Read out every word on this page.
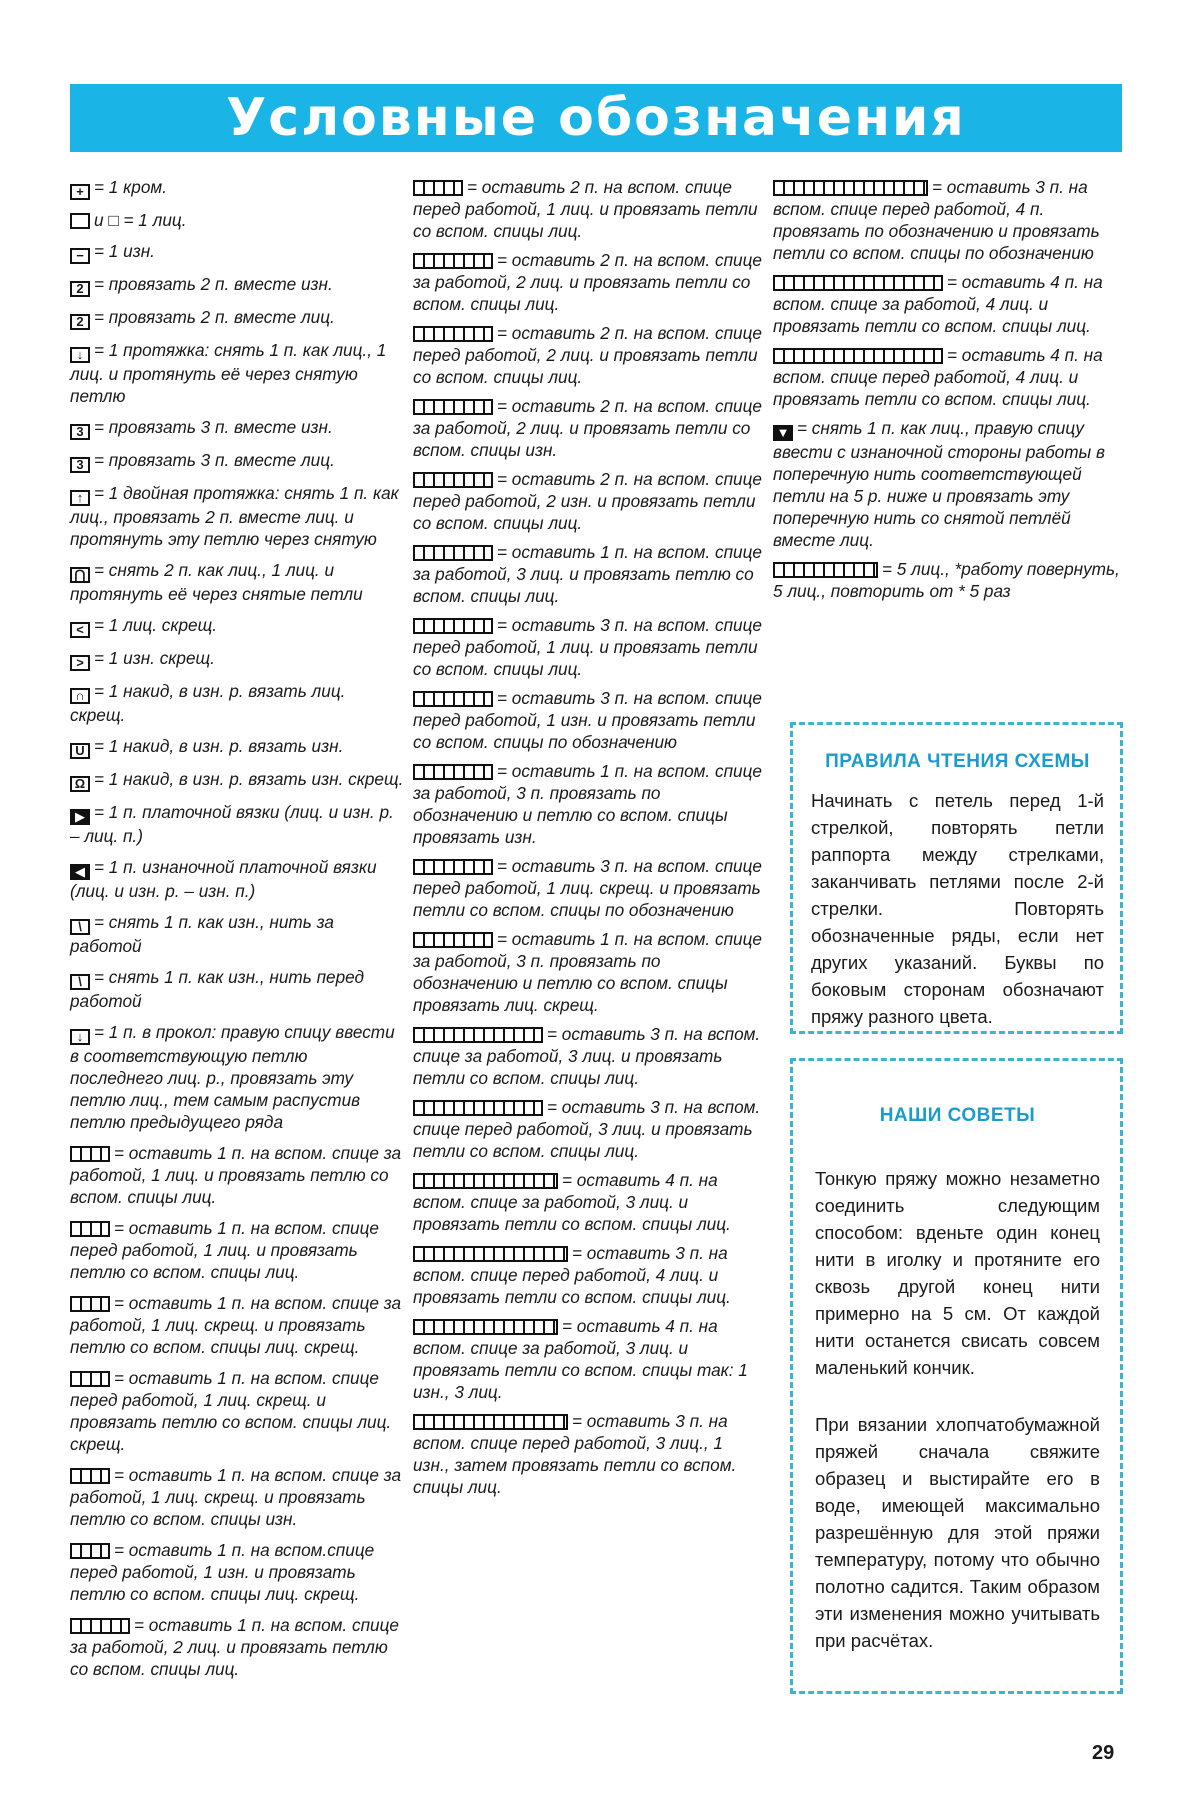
Условные обозначения
+ = 1 кром.
и □ = 1 лиц.
− = 1 изн.
2 = провязать 2 п. вместе изн.
2 = провязать 2 п. вместе лиц.
↓ = 1 протяжка: снять 1 п. как лиц., 1 лиц. и протянуть её через снятую петлю
3 = провязать 3 п. вместе изн.
3 = провязать 3 п. вместе лиц.
↑ = 1 двойная протяжка: снять 1 п. как лиц., провязать 2 п. вместе лиц. и протянуть эту петлю через снятую
⋂ = снять 2 п. как лиц., 1 лиц. и протянуть её через снятые петли
< = 1 лиц. скрещ.
> = 1 изн. скрещ.
∩ = 1 накид, в изн. р. вязать лиц. скрещ.
U = 1 накид, в изн. р. вязать изн.
Ω = 1 накид, в изн. р. вязать изн. скрещ.
▶ = 1 п. платочной вязки (лиц. и изн. р. – лиц. п.)
◀ = 1 п. изнаночной платочной вязки (лиц. и изн. р. – изн. п.)
\ = снять 1 п. как изн., нить за работой
\ = снять 1 п. как изн., нить перед работой
↓ = 1 п. в прокол: правую спицу ввести в соответствующую петлю последнего лиц. р., провязать эту петлю лиц., тем самым распустив петлю предыдущего ряда
= оставить 1 п. на вспом. спице за работой, 1 лиц. и провязать петлю со вспом. спицы лиц.
= оставить 1 п. на вспом. спице перед работой, 1 лиц. и провязать петлю со вспом. спицы лиц.
= оставить 1 п. на вспом. спице за работой, 1 лиц. скрещ. и провязать петлю со вспом. спицы лиц. скрещ.
= оставить 1 п. на вспом. спице перед работой, 1 лиц. скрещ. и провязать петлю со вспом. спицы лиц. скрещ.
= оставить 1 п. на вспом. спице за работой, 1 лиц. скрещ. и провязать петлю со вспом. спицы изн.
= оставить 1 п. на вспом.спице перед работой, 1 изн. и провязать петлю со вспом. спицы лиц. скрещ.
= оставить 1 п. на вспом. спице за работой, 2 лиц. и провязать петлю со вспом. спицы лиц.
= оставить 2 п. на вспом. спице перед работой, 1 лиц. и провязать петли со вспом. спицы лиц.
= оставить 2 п. на вспом. спице за работой, 2 лиц. и провязать петли со вспом. спицы лиц.
= оставить 2 п. на вспом. спице перед работой, 2 лиц. и провязать петли со вспом. спицы лиц.
= оставить 2 п. на вспом. спице за работой, 2 лиц. и провязать петли со вспом. спицы изн.
= оставить 2 п. на вспом. спице перед работой, 2 изн. и провязать петли со вспом. спицы лиц.
= оставить 1 п. на вспом. спице за работой, 3 лиц. и провязать петлю со вспом. спицы лиц.
= оставить 3 п. на вспом. спице перед работой, 1 лиц. и провязать петли со вспом. спицы лиц.
= оставить 3 п. на вспом. спице перед работой, 1 изн. и провязать петли со вспом. спицы по обозначению
= оставить 1 п. на вспом. спице за работой, 3 п. провязать по обозначению и петлю со вспом. спицы провязать изн.
= оставить 3 п. на вспом. спице перед работой, 1 лиц. скрещ. и провязать петли со вспом. спицы по обозначению
= оставить 1 п. на вспом. спице за работой, 3 п. провязать по обозначению и петлю со вспом. спицы провязать лиц. скрещ.
= оставить 3 п. на вспом. спице за работой, 3 лиц. и провязать петли со вспом. спицы лиц.
= оставить 3 п. на вспом. спице перед работой, 3 лиц. и провязать петли со вспом. спицы лиц.
= оставить 4 п. на вспом. спице за работой, 3 лиц. и провязать петли со вспом. спицы лиц.
= оставить 3 п. на вспом. спице перед работой, 4 лиц. и провязать петли со вспом. спицы лиц.
= оставить 4 п. на вспом. спице за работой, 3 лиц. и провязать петли со вспом. спицы так: 1 изн., 3 лиц.
= оставить 3 п. на вспом. спице перед работой, 3 лиц., 1 изн., затем провязать петли со вспом. спицы лиц.
= оставить 3 п. на вспом. спице перед работой, 4 п. провязать по обозначению и провязать петли со вспом. спицы по обозначению
= оставить 4 п. на вспом. спице за работой, 4 лиц. и провязать петли со вспом. спицы лиц.
= оставить 4 п. на вспом. спице перед работой, 4 лиц. и провязать петли со вспом. спицы лиц.
▼ = снять 1 п. как лиц., правую спицу ввести с изнаночной стороны работы в поперечную нить соответствующей петли на 5 р. ниже и провязать эту поперечную нить со снятой петлёй вместе лиц.
= 5 лиц., *работу повернуть, 5 лиц., повторить от * 5 раз
ПРАВИЛА ЧТЕНИЯ СХЕМЫ

Начинать с петель перед 1-й стрелкой, повторять петли раппорта между стрелками, заканчивать петлями после 2-й стрелки. Повторять обозначенные ряды, если нет других указаний. Буквы по боковым сторонам обозначают пряжу разного цвета.

НАШИ СОВЕТЫ

Тонкую пряжу можно незаметно соединить следующим способом: вденьте один конец нити в иголку и протяните его сквозь другой конец нити примерно на 5 см. От каждой нити останется свисать совсем маленький кончик.

При вязании хлопчатобумажной пряжей сначала свяжите образец и выстирайте его в воде, имеющей максимально разрешённую для этой пряжи температуру, потому что обычно полотно садится. Таким образом эти изменения можно учитывать при расчётах.

29
